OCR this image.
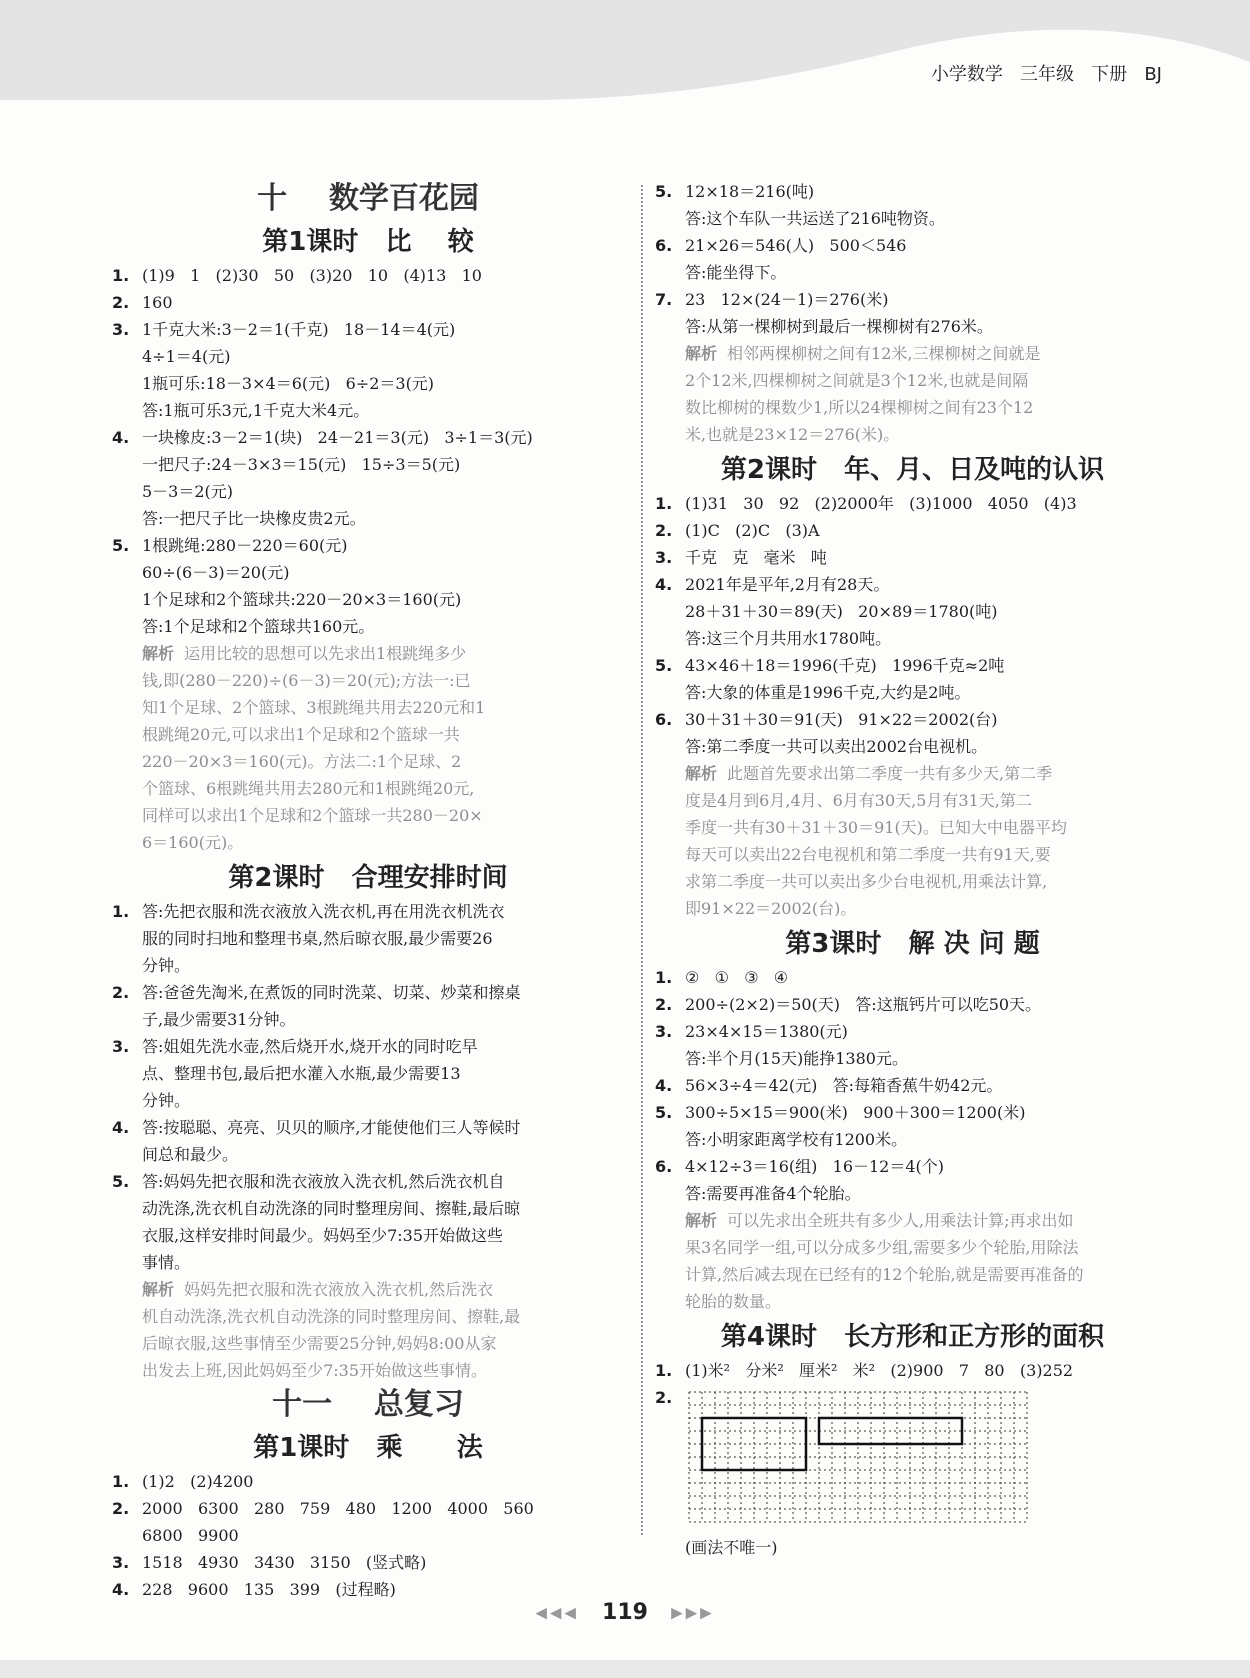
小学数学   三年级   下册   BJ
十    数学百花园
第1课时   比    较
1. (1)9   1   (2)30   50   (3)20   10   (4)13   10
2. 160
3. 1千克大米:3－2＝1(千克)   18－14＝4(元)
4÷1＝4(元)
1瓶可乐:18－3×4＝6(元)   6÷2＝3(元)
答:1瓶可乐3元,1千克大米4元。
4. 一块橡皮:3－2＝1(块)   24－21＝3(元)   3÷1＝3(元)
一把尺子:24－3×3＝15(元)   15÷3＝5(元)
5－3＝2(元)
答:一把尺子比一块橡皮贵2元。
5. 1根跳绳:280－220＝60(元)
60÷(6－3)＝20(元)
1个足球和2个篮球共:220－20×3＝160(元)
答:1个足球和2个篮球共160元。
解析 运用比较的思想可以先求出1根跳绳多少
钱,即(280－220)÷(6－3)＝20(元);方法一:已
知1个足球、2个篮球、3根跳绳共用去220元和1
根跳绳20元,可以求出1个足球和2个篮球一共
220－20×3＝160(元)。方法二:1个足球、2
个篮球、6根跳绳共用去280元和1根跳绳20元,
同样可以求出1个足球和2个篮球一共280－20×
6＝160(元)。
第2课时   合理安排时间
1. 答:先把衣服和洗衣液放入洗衣机,再在用洗衣机洗衣
服的同时扫地和整理书桌,然后晾衣服,最少需要26
分钟。
2. 答:爸爸先淘米,在煮饭的同时洗菜、切菜、炒菜和擦桌
子,最少需要31分钟。
3. 答:姐姐先洗水壶,然后烧开水,烧开水的同时吃早
点、整理书包,最后把水灌入水瓶,最少需要13
分钟。
4. 答:按聪聪、亮亮、贝贝的顺序,才能使他们三人等候时
间总和最少。
5. 答:妈妈先把衣服和洗衣液放入洗衣机,然后洗衣机自
动洗涤,洗衣机自动洗涤的同时整理房间、擦鞋,最后晾
衣服,这样安排时间最少。妈妈至少7:35开始做这些
事情。
解析 妈妈先把衣服和洗衣液放入洗衣机,然后洗衣
机自动洗涤,洗衣机自动洗涤的同时整理房间、擦鞋,最
后晾衣服,这些事情至少需要25分钟,妈妈8:00从家
出发去上班,因此妈妈至少7:35开始做这些事情。
十一    总复习
第1课时   乘      法
1. (1)2   (2)4200
2. 2000   6300   280   759   480   1200   4000   560
6800   9900
3. 1518   4930   3430   3150   (竖式略)
4. 228   9600   135   399   (过程略)
5. 12×18＝216(吨)
答:这个车队一共运送了216吨物资。
6. 21×26＝546(人)   500＜546
答:能坐得下。
7. 23   12×(24－1)＝276(米)
答:从第一棵柳树到最后一棵柳树有276米。
解析 相邻两棵柳树之间有12米,三棵柳树之间就是
2个12米,四棵柳树之间就是3个12米,也就是间隔
数比柳树的棵数少1,所以24棵柳树之间有23个12
米,也就是23×12＝276(米)。
第2课时   年、月、日及吨的认识
1. (1)31   30   92   (2)2000年   (3)1000   4050   (4)3
2. (1)C   (2)C   (3)A
3. 千克   克   毫米   吨
4. 2021年是平年,2月有28天。
28＋31＋30＝89(天)   20×89＝1780(吨)
答:这三个月共用水1780吨。
5. 43×46＋18＝1996(千克)   1996千克≈2吨
答:大象的体重是1996千克,大约是2吨。
6. 30＋31＋30＝91(天)   91×22＝2002(台)
答:第二季度一共可以卖出2002台电视机。
解析 此题首先要求出第二季度一共有多少天,第二季
度是4月到6月,4月、6月有30天,5月有31天,第二
季度一共有30＋31＋30＝91(天)。已知大中电器平均
每天可以卖出22台电视机和第二季度一共有91天,要
求第二季度一共可以卖出多少台电视机,用乘法计算,
即91×22＝2002(台)。
第3课时   解 决 问 题
1. ②   ①   ③   ④
2. 200÷(2×2)＝50(天)   答:这瓶钙片可以吃50天。
3. 23×4×15＝1380(元)
答:半个月(15天)能挣1380元。
4. 56×3÷4＝42(元)   答:每箱香蕉牛奶42元。
5. 300÷5×15＝900(米)   900＋300＝1200(米)
答:小明家距离学校有1200米。
6. 4×12÷3＝16(组)   16－12＝4(个)
答:需要再准备4个轮胎。
解析 可以先求出全班共有多少人,用乘法计算;再求出如
果3名同学一组,可以分成多少组,需要多少个轮胎,用除法
计算,然后减去现在已经有的12个轮胎,就是需要再准备的
轮胎的数量。
第4课时   长方形和正方形的面积
1. (1)米²   分米²   厘米²   米²   (2)900   7   80   (3)252
2.
(画法不唯一)
◀◀◀ 119 ▶▶▶
